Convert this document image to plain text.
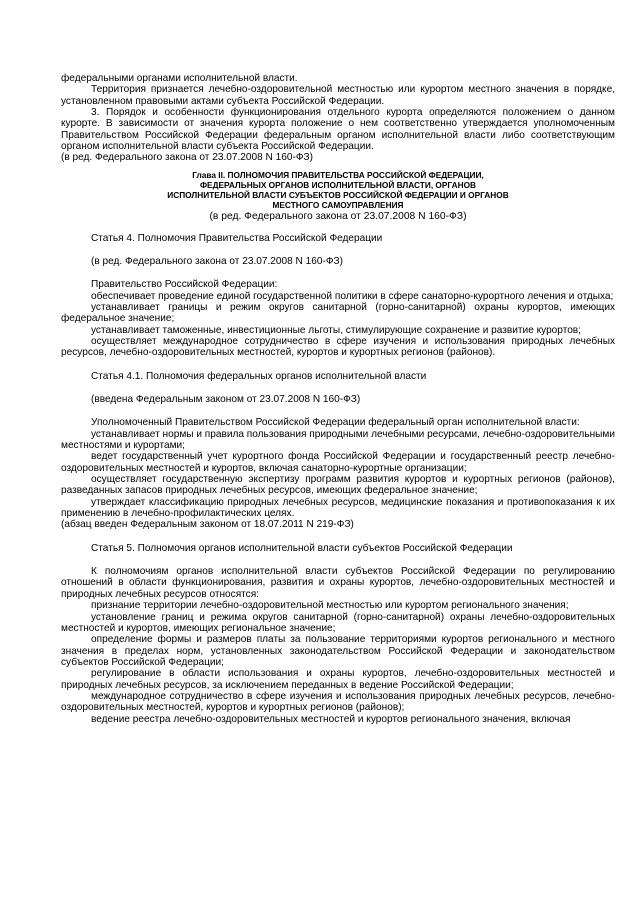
федеральными органами исполнительной власти.

Территория признается лечебно-оздоровительной местностью или курортом местного значения в порядке, установленном правовыми актами субъекта Российской Федерации.

3. Порядок и особенности функционирования отдельного курорта определяются положением о данном курорте. В зависимости от значения курорта положение о нем соответственно утверждается уполномоченным Правительством Российской Федерации федеральным органом исполнительной власти либо соответствующим органом исполнительной власти субъекта Российской Федерации.

(в ред. Федерального закона от 23.07.2008 N 160-ФЗ)

Глава II. ПОЛНОМОЧИЯ ПРАВИТЕЛЬСТВА РОССИЙСКОЙ ФЕДЕРАЦИИ, ФЕДЕРАЛЬНЫХ ОРГАНОВ ИСПОЛНИТЕЛЬНОЙ ВЛАСТИ, ОРГАНОВ ИСПОЛНИТЕЛЬНОЙ ВЛАСТИ СУБЪЕКТОВ РОССИЙСКОЙ ФЕДЕРАЦИИ И ОРГАНОВ МЕСТНОГО САМОУПРАВЛЕНИЯ

(в ред. Федерального закона от 23.07.2008 N 160-ФЗ)

Статья 4. Полномочия Правительства Российской Федерации

(в ред. Федерального закона от 23.07.2008 N 160-ФЗ)

Правительство Российской Федерации:

обеспечивает проведение единой государственной политики в сфере санаторно-курортного лечения и отдыха;

устанавливает границы и режим округов санитарной (горно-санитарной) охраны курортов, имеющих федеральное значение;

устанавливает таможенные, инвестиционные льготы, стимулирующие сохранение и развитие курортов;

осуществляет международное сотрудничество в сфере изучения и использования природных лечебных ресурсов, лечебно-оздоровительных местностей, курортов и курортных регионов (районов).

Статья 4.1. Полномочия федеральных органов исполнительной власти

(введена Федеральным законом от 23.07.2008 N 160-ФЗ)

Уполномоченный Правительством Российской Федерации федеральный орган исполнительной власти:

устанавливает нормы и правила пользования природными лечебными ресурсами, лечебно-оздоровительными местностями и курортами;

ведет государственный учет курортного фонда Российской Федерации и государственный реестр лечебно-оздоровительных местностей и курортов, включая санаторно-курортные организации;

осуществляет государственную экспертизу программ развития курортов и курортных регионов (районов), разведанных запасов природных лечебных ресурсов, имеющих федеральное значение;

утверждает классификацию природных лечебных ресурсов, медицинские показания и противопоказания к их применению в лечебно-профилактических целях.

(абзац введен Федеральным законом от 18.07.2011 N 219-ФЗ)

Статья 5. Полномочия органов исполнительной власти субъектов Российской Федерации

К полномочиям органов исполнительной власти субъектов Российской Федерации по регулированию отношений в области функционирования, развития и охраны курортов, лечебно-оздоровительных местностей и природных лечебных ресурсов относятся:

признание территории лечебно-оздоровительной местностью или курортом регионального значения;

установление границ и режима округов санитарной (горно-санитарной) охраны лечебно-оздоровительных местностей и курортов, имеющих региональное значение;

определение формы и размеров платы за пользование территориями курортов регионального и местного значения в пределах норм, установленных законодательством Российской Федерации и законодательством субъектов Российской Федерации;

регулирование в области использования и охраны курортов, лечебно-оздоровительных местностей и природных лечебных ресурсов, за исключением переданных в ведение Российской Федерации;

международное сотрудничество в сфере изучения и использования природных лечебных ресурсов, лечебно-оздоровительных местностей, курортов и курортных регионов (районов);

ведение реестра лечебно-оздоровительных местностей и курортов регионального значения, включая
